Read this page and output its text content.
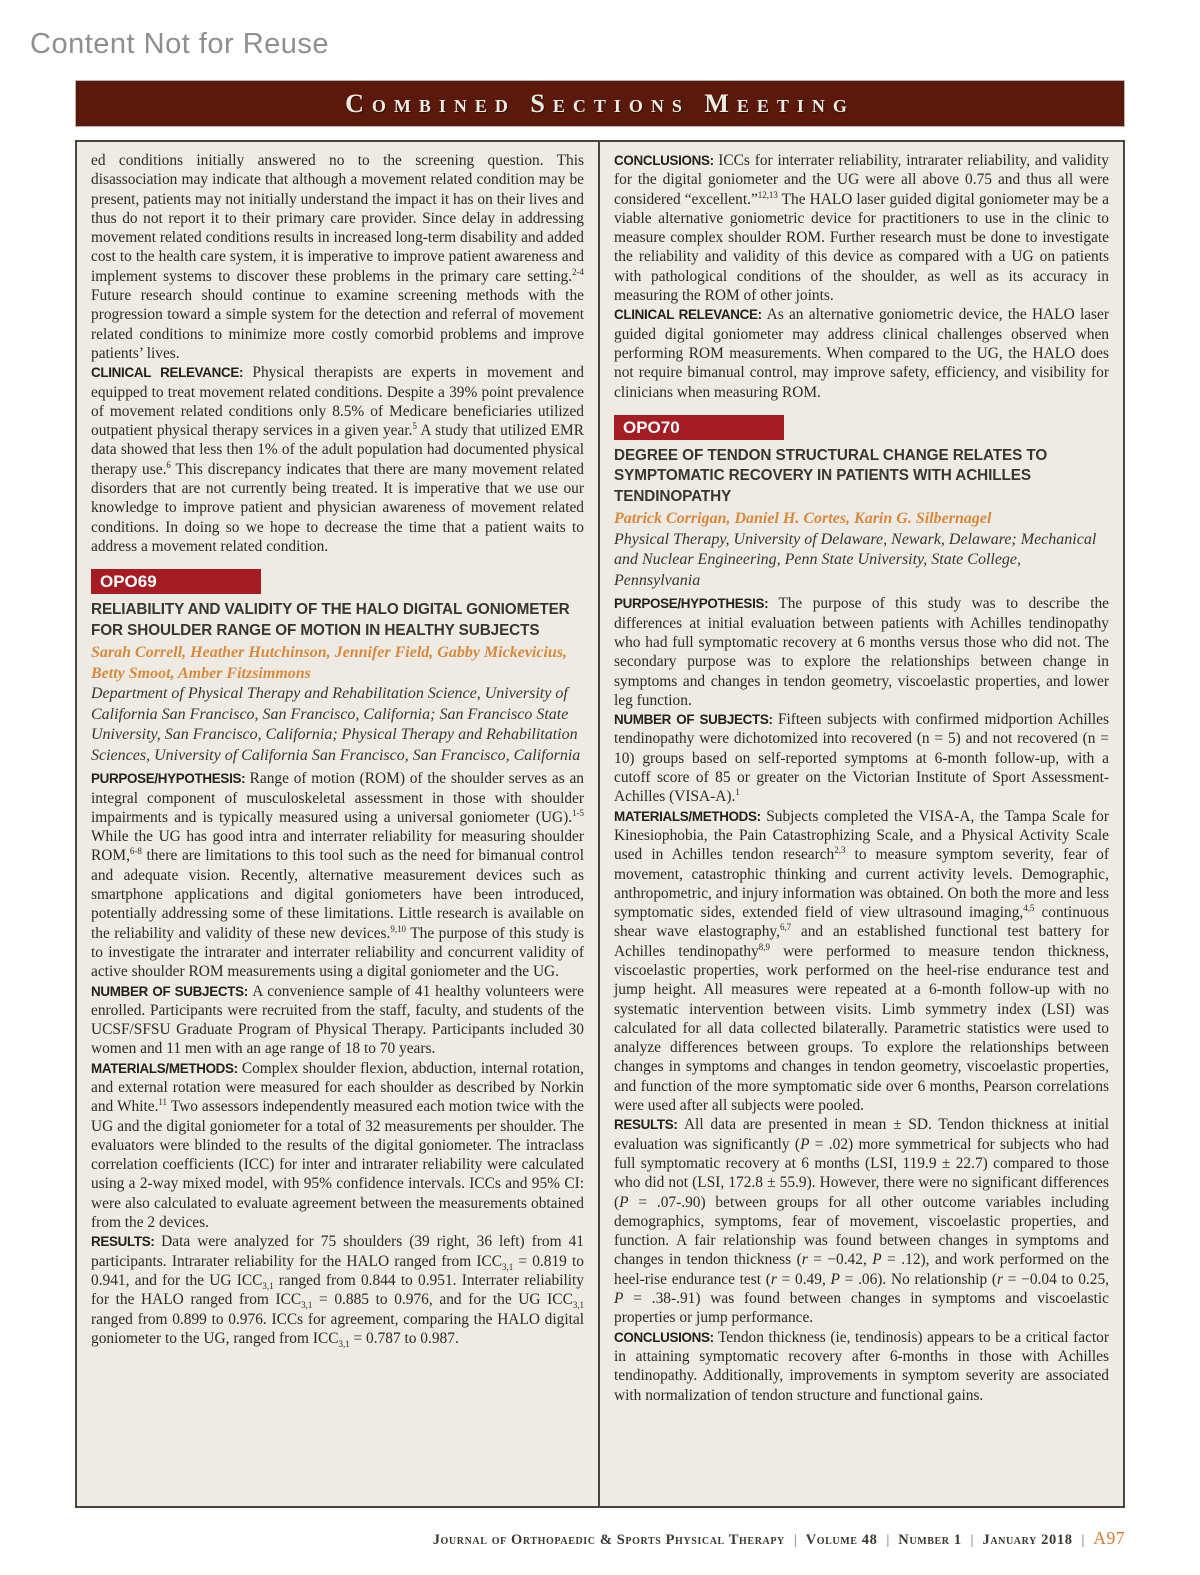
Content Not for Reuse
Combined Sections Meeting

ed conditions initially answered no to the screening question. This disassociation may indicate that although a movement related condition may be present, patients may not initially understand the impact it has on their lives and thus do not report it to their primary care provider. Since delay in addressing movement related conditions results in increased long-term disability and added cost to the health care system, it is imperative to improve patient awareness and implement systems to discover these problems in the primary care setting.$^{2-4}$ Future research should continue to examine screening methods with the progression toward a simple system for the detection and referral of movement related conditions to minimize more costly comorbid problems and improve patients’ lives.

CLINICAL RELEVANCE: Physical therapists are experts in movement and equipped to treat movement related conditions. Despite a 39% point prevalence of movement related conditions only 8.5% of Medicare beneficiaries utilized outpatient physical therapy services in a given year.$^5$ A study that utilized EMR data showed that less then 1% of the adult population had documented physical therapy use.$^6$ This discrepancy indicates that there are many movement related disorders that are not currently being treated. It is imperative that we use our knowledge to improve patient and physician awareness of movement related conditions. In doing so we hope to decrease the time that a patient waits to address a movement related condition.

OPO69
RELIABILITY AND VALIDITY OF THE HALO DIGITAL GONIOMETER FOR SHOULDER RANGE OF MOTION IN HEALTHY SUBJECTS
Sarah Correll, Heather Hutchinson, Jennifer Field, Gabby Mickevicius, Betty Smoot, Amber Fitzsimmons
Department of Physical Therapy and Rehabilitation Science, University of California San Francisco, San Francisco, California; San Francisco State University, San Francisco, California; Physical Therapy and Rehabilitation Sciences, University of California San Francisco, San Francisco, California

PURPOSE/HYPOTHESIS: Range of motion (ROM) of the shoulder serves as an integral component of musculoskeletal assessment in those with shoulder impairments and is typically measured using a universal goniometer (UG).$^{1-5}$ While the UG has good intra and interrater reliability for measuring shoulder ROM,$^{6-8}$ there are limitations to this tool such as the need for bimanual control and adequate vision. Recently, alternative measurement devices such as smartphone applications and digital goniometers have been introduced, potentially addressing some of these limitations. Little research is available on the reliability and validity of these new devices.$^{9,10}$ The purpose of this study is to investigate the intrarater and interrater reliability and concurrent validity of active shoulder ROM measurements using a digital goniometer and the UG.

NUMBER OF SUBJECTS: A convenience sample of 41 healthy volunteers were enrolled. Participants were recruited from the staff, faculty, and students of the UCSF/SFSU Graduate Program of Physical Therapy. Participants included 30 women and 11 men with an age range of 18 to 70 years.

MATERIALS/METHODS: Complex shoulder flexion, abduction, internal rotation, and external rotation were measured for each shoulder as described by Norkin and White.$^{11}$ Two assessors independently measured each motion twice with the UG and the digital goniometer for a total of 32 measurements per shoulder. The evaluators were blinded to the results of the digital goniometer. The intraclass correlation coefficients (ICC) for inter and intrarater reliability were calculated using a 2-way mixed model, with 95% confidence intervals. ICCs and 95% CI: were also calculated to evaluate agreement between the measurements obtained from the 2 devices.

RESULTS: Data were analyzed for 75 shoulders (39 right, 36 left) from 41 participants. Intrarater reliability for the HALO ranged from $ICC_{3,1} = 0.819$ to 0.941, and for the UG $ICC_{3,1}$ ranged from 0.844 to 0.951. Interrater reliability for the HALO ranged from $ICC_{3,1} = 0.885$ to 0.976, and for the UG $ICC_{3,1}$ ranged from 0.899 to 0.976. ICCs for agreement, comparing the HALO digital goniometer to the UG, ranged from $ICC_{3,1} = 0.787$ to 0.987.

CONCLUSIONS: ICCs for interrater reliability, intrarater reliability, and validity for the digital goniometer and the UG were all above 0.75 and thus all were considered “excellent.”$^{12,13}$ The HALO laser guided digital goniometer may be a viable alternative goniometric device for practitioners to use in the clinic to measure complex shoulder ROM. Further research must be done to investigate the reliability and validity of this device as compared with a UG on patients with pathological conditions of the shoulder, as well as its accuracy in measuring the ROM of other joints.

CLINICAL RELEVANCE: As an alternative goniometric device, the HALO laser guided digital goniometer may address clinical challenges observed when performing ROM measurements. When compared to the UG, the HALO does not require bimanual control, may improve safety, efficiency, and visibility for clinicians when measuring ROM.

OPO70
DEGREE OF TENDON STRUCTURAL CHANGE RELATES TO SYMPTOMATIC RECOVERY IN PATIENTS WITH ACHILLES TENDINOPATHY
Patrick Corrigan, Daniel H. Cortes, Karin G. Silbernagel
Physical Therapy, University of Delaware, Newark, Delaware; Mechanical and Nuclear Engineering, Penn State University, State College, Pennsylvania

PURPOSE/HYPOTHESIS: The purpose of this study was to describe the differences at initial evaluation between patients with Achilles tendinopathy who had full symptomatic recovery at 6 months versus those who did not. The secondary purpose was to explore the relationships between change in symptoms and changes in tendon geometry, viscoelastic properties, and lower leg function.

NUMBER OF SUBJECTS: Fifteen subjects with confirmed midportion Achilles tendinopathy were dichotomized into recovered (n = 5) and not recovered (n = 10) groups based on self-reported symptoms at 6-month follow-up, with a cutoff score of 85 or greater on the Victorian Institute of Sport Assessment-Achilles (VISA-A).$^1$

MATERIALS/METHODS: Subjects completed the VISA-A, the Tampa Scale for Kinesiophobia, the Pain Catastrophizing Scale, and a Physical Activity Scale used in Achilles tendon research$^{2,3}$ to measure symptom severity, fear of movement, catastrophic thinking and current activity levels. Demographic, anthropometric, and injury information was obtained. On both the more and less symptomatic sides, extended field of view ultrasound imaging,$^{4,5}$ continuous shear wave elastography,$^{6,7}$ and an established functional test battery for Achilles tendinopathy$^{8,9}$ were performed to measure tendon thickness, viscoelastic properties, work performed on the heel-rise endurance test and jump height. All measures were repeated at a 6-month follow-up with no systematic intervention between visits. Limb symmetry index (LSI) was calculated for all data collected bilaterally. Parametric statistics were used to analyze differences between groups. To explore the relationships between changes in symptoms and changes in tendon geometry, viscoelastic properties, and function of the more symptomatic side over 6 months, Pearson correlations were used after all subjects were pooled.

RESULTS: All data are presented in mean ± SD. Tendon thickness at initial evaluation was significantly (P = .02) more symmetrical for subjects who had full symptomatic recovery at 6 months (LSI, 119.9 ± 22.7) compared to those who did not (LSI, 172.8 ± 55.9). However, there were no significant differences (P = .07-.90) between groups for all other outcome variables including demographics, symptoms, fear of movement, viscoelastic properties, and function. A fair relationship was found between changes in symptoms and changes in tendon thickness (r = −0.42, P = .12), and work performed on the heel-rise endurance test (r = 0.49, P = .06). No relationship (r = −0.04 to 0.25, P = .38-.91) was found between changes in symptoms and viscoelastic properties or jump performance.

CONCLUSIONS: Tendon thickness (ie, tendinosis) appears to be a critical factor in attaining symptomatic recovery after 6-months in those with Achilles tendinopathy. Additionally, improvements in symptom severity are associated with normalization of tendon structure and functional gains.

Journal of Orthopaedic & Sports Physical Therapy | Volume 48 | Number 1 | January 2018 | A97
